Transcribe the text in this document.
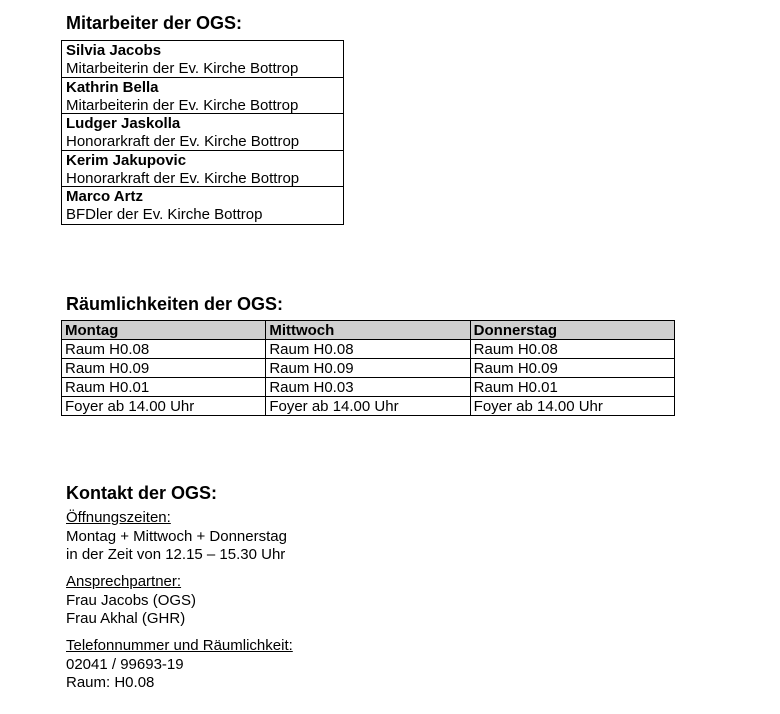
Mitarbeiter der OGS:
Silvia Jacobs
Mitarbeiterin der Ev. Kirche Bottrop
Kathrin Bella
Mitarbeiterin der Ev. Kirche Bottrop
Ludger Jaskolla
Honorarkraft der Ev. Kirche Bottrop
Kerim Jakupovic
Honorarkraft der Ev. Kirche Bottrop
Marco Artz
BFDler der Ev. Kirche Bottrop
Räumlichkeiten der OGS:
Montag	Mittwoch	Donnerstag
Raum H0.08	Raum H0.08	Raum H0.08
Raum H0.09	Raum H0.09	Raum H0.09
Raum H0.01	Raum H0.03	Raum H0.01
Foyer ab 14.00 Uhr	Foyer ab 14.00 Uhr	Foyer ab 14.00 Uhr
Kontakt der OGS:
Öffnungszeiten:
Montag + Mittwoch + Donnerstag
in der Zeit von 12.15 – 15.30 Uhr
Ansprechpartner:
Frau Jacobs (OGS)
Frau Akhal (GHR)
Telefonnummer und Räumlichkeit:
02041 / 99693-19
Raum: H0.08
